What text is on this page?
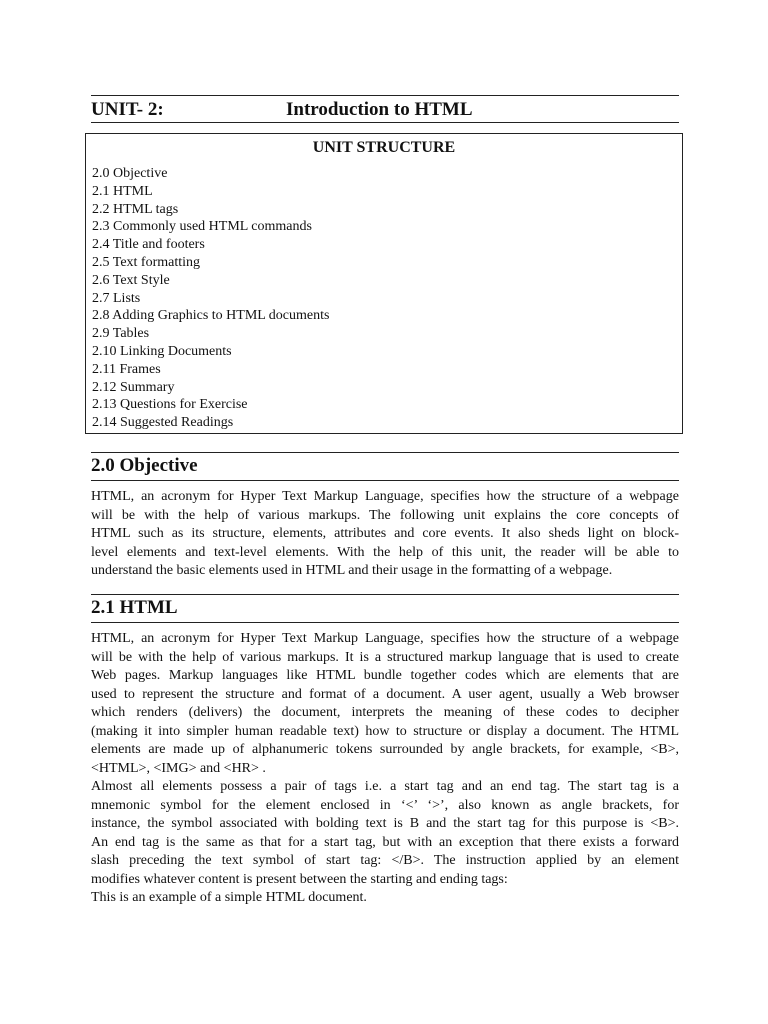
UNIT- 2:	Introduction to HTML
UNIT STRUCTURE
2.0 Objective
2.1 HTML
2.2 HTML tags
2.3 Commonly used HTML commands
2.4 Title and footers
2.5 Text formatting
2.6 Text Style
2.7 Lists
2.8 Adding Graphics to HTML documents
2.9 Tables
2.10 Linking Documents
2.11 Frames
2.12 Summary
2.13 Questions for Exercise
2.14 Suggested Readings
2.0 Objective

HTML, an acronym for Hyper Text Markup Language, specifies how the structure of a webpage
will be with the help of various markups. The following unit explains the core concepts of
HTML such as its structure, elements, attributes and core events. It also sheds light on block-
level elements and text-level elements. With the help of this unit, the reader will be able to
understand the basic elements used in HTML and their usage in the formatting of a webpage.

2.1 HTML

HTML, an acronym for Hyper Text Markup Language, specifies how the structure of a webpage
will be with the help of various markups. It is a structured markup language that is used to create
Web pages. Markup languages like HTML bundle together codes which are elements that are
used to represent the structure and format of a document. A user agent, usually a Web browser
which renders (delivers) the document, interprets the meaning of these codes to decipher
(making it into simpler human readable text) how to structure or display a document. The HTML
elements are made up of alphanumeric tokens surrounded by angle brackets, for example, <B>,
<HTML>, <IMG> and <HR> .

Almost all elements possess a pair of tags i.e. a start tag and an end tag. The start tag is a
mnemonic symbol for the element enclosed in ‘<’ ‘>’, also known as angle brackets, for
instance, the symbol associated with bolding text is B and the start tag for this purpose is <B>.
An end tag is the same as that for a start tag, but with an exception that there exists a forward
slash preceding the text symbol of start tag: </B>. The instruction applied by an element
modifies whatever content is present between the starting and ending tags:

This is an example of a simple HTML document.
